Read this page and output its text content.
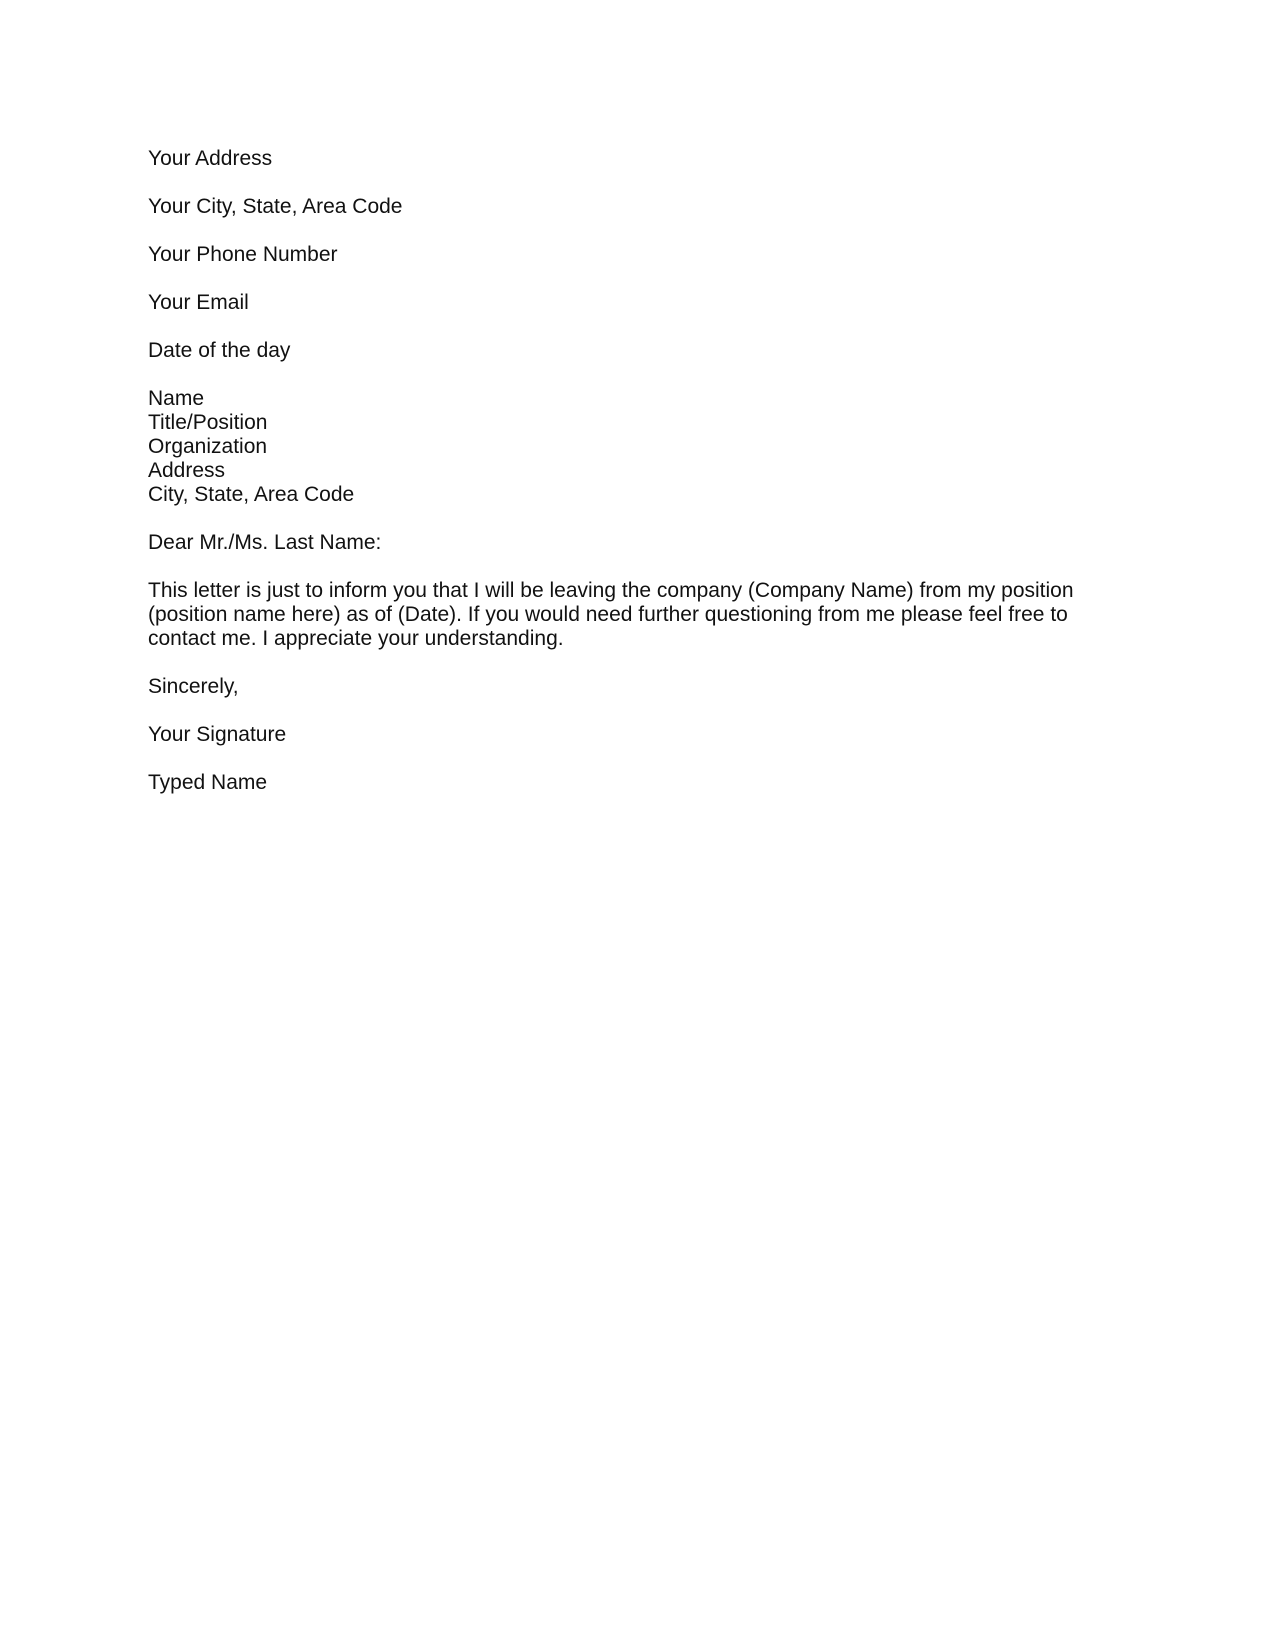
Your Address
Your City, State, Area Code
Your Phone Number
Your Email
Date of the day
Name
Title/Position
Organization
Address
City, State, Area Code
Dear Mr./Ms. Last Name:

This letter is just to inform you that I will be leaving the company (Company Name) from my position (position name here) as of (Date). If you would need further questioning from me please feel free to contact me. I appreciate your understanding.

Sincerely,
Your Signature
Typed Name
